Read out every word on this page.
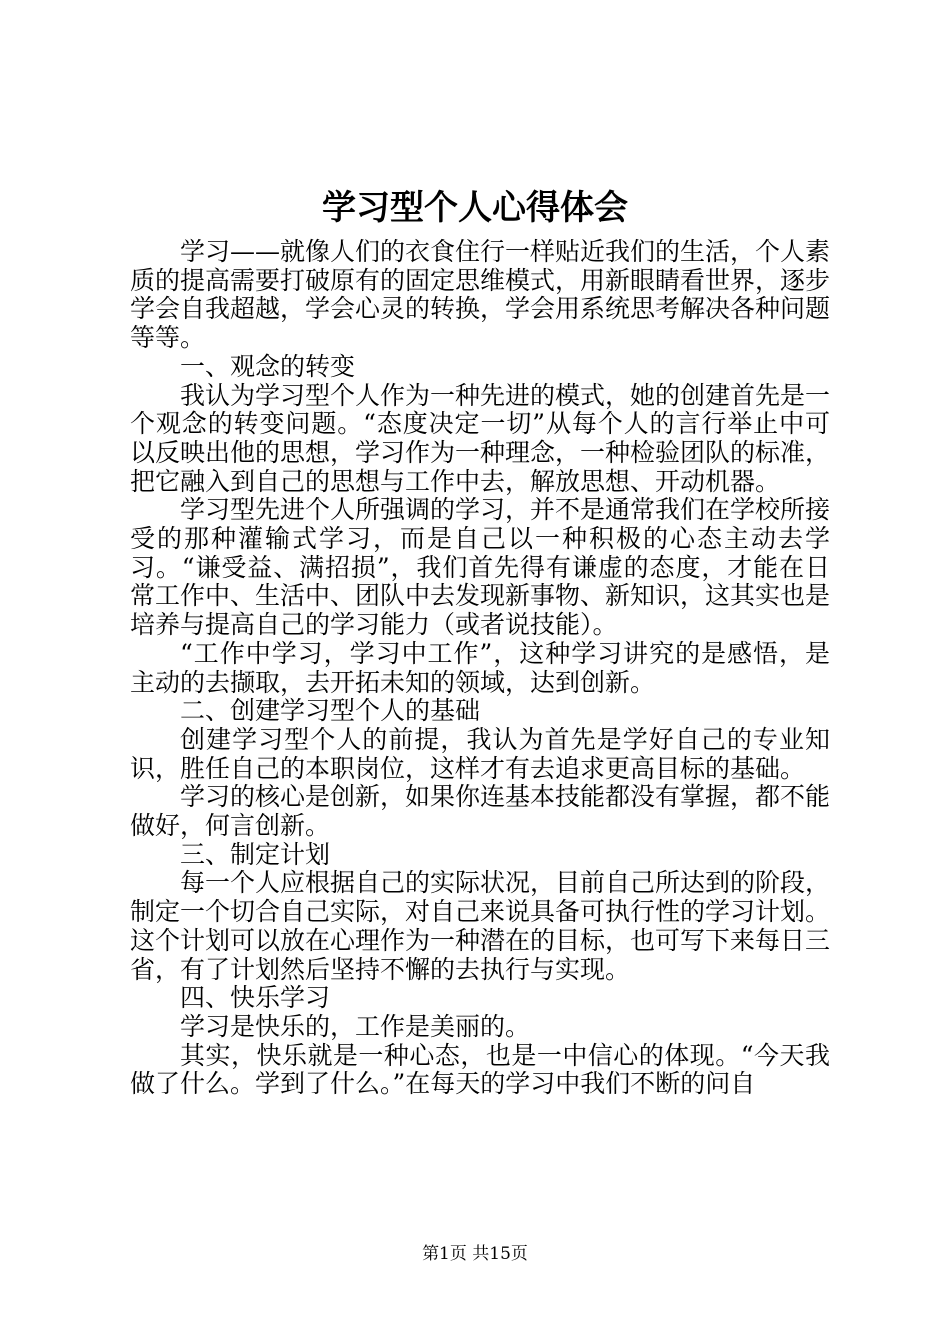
学习型个人心得体会

学习——就像人们的衣食住行一样贴近我们的生活，个人素质的提高需要打破原有的固定思维模式，用新眼睛看世界，逐步学会自我超越，学会心灵的转换，学会用系统思考解决各种问题等等。

一、观念的转变

我认为学习型个人作为一种先进的模式，她的创建首先是一个观念的转变问题。“态度决定一切”从每个人的言行举止中可以反映出他的思想，学习作为一种理念，一种检验团队的标准，把它融入到自己的思想与工作中去，解放思想、开动机器。

学习型先进个人所强调的学习，并不是通常我们在学校所接受的那种灌输式学习，而是自己以一种积极的心态主动去学习。“谦受益、满招损”，我们首先得有谦虚的态度，才能在日常工作中、生活中、团队中去发现新事物、新知识，这其实也是培养与提高自己的学习能力（或者说技能）。

“工作中学习，学习中工作”，这种学习讲究的是感悟，是主动的去撷取，去开拓未知的领域，达到创新。

二、创建学习型个人的基础

创建学习型个人的前提，我认为首先是学好自己的专业知识，胜任自己的本职岗位，这样才有去追求更高目标的基础。

学习的核心是创新，如果你连基本技能都没有掌握，都不能做好，何言创新。

三、制定计划

每一个人应根据自己的实际状况，目前自己所达到的阶段，制定一个切合自己实际，对自己来说具备可执行性的学习计划。这个计划可以放在心理作为一种潜在的目标，也可写下来每日三省，有了计划然后坚持不懈的去执行与实现。

四、快乐学习

学习是快乐的，工作是美丽的。

其实，快乐就是一种心态，也是一中信心的体现。“今天我做了什么。学到了什么。”在每天的学习中我们不断的问自

第1页 共15页
